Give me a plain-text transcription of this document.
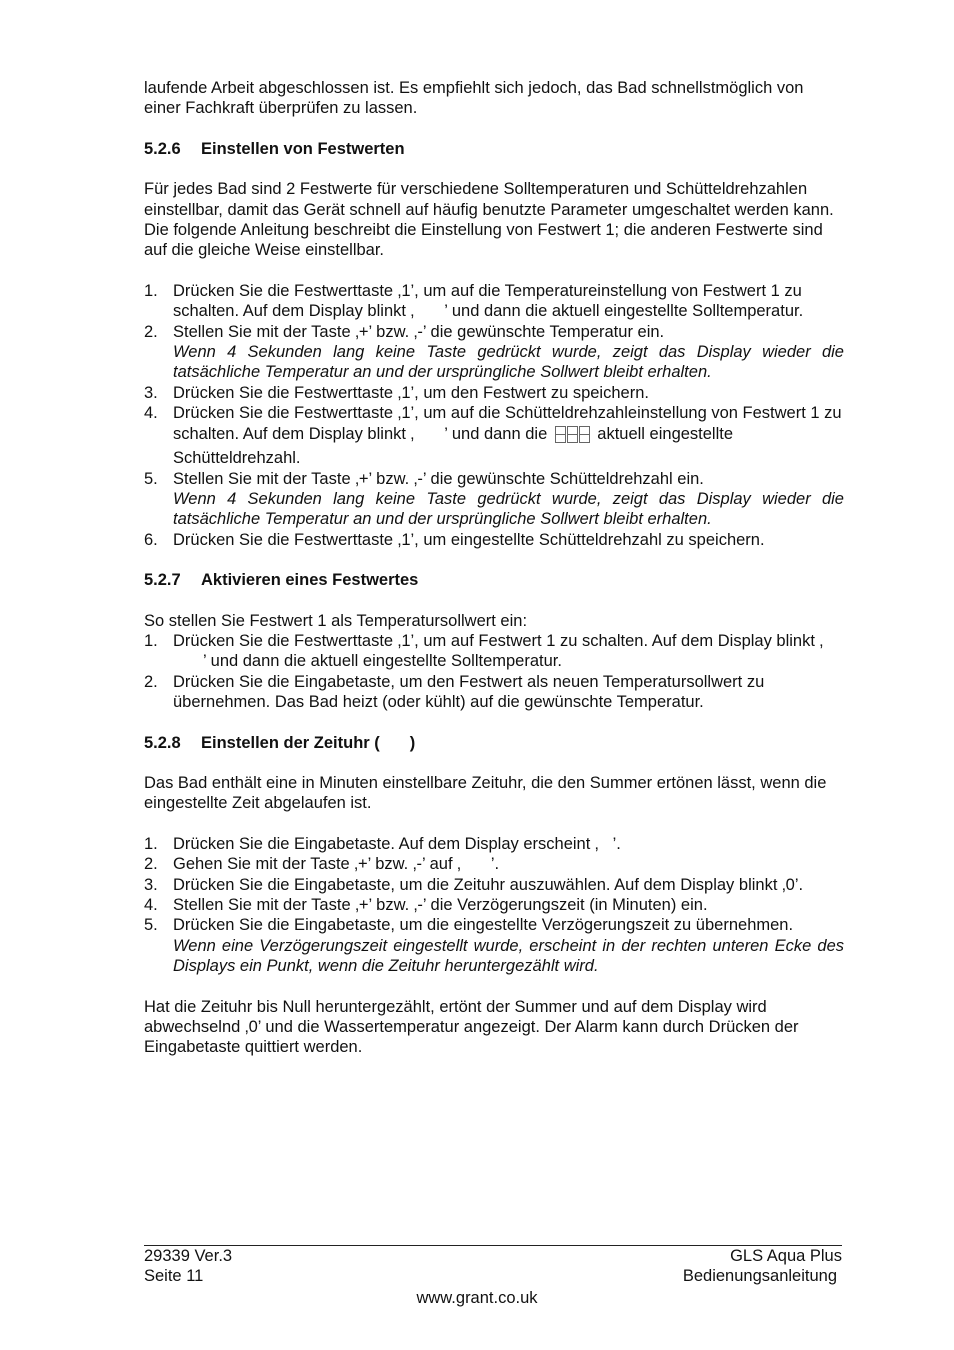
laufende Arbeit abgeschlossen ist. Es empfiehlt sich jedoch, das Bad schnellstmöglich von einer Fachkraft überprüfen zu lassen.

5.2.6 Einstellen von Festwerten

Für jedes Bad sind 2 Festwerte für verschiedene Solltemperaturen und Schütteldrehzahlen einstellbar, damit das Gerät schnell auf häufig benutzte Parameter umgeschaltet werden kann. Die folgende Anleitung beschreibt die Einstellung von Festwert 1; die anderen Festwerte sind auf die gleiche Weise einstellbar.

1. Drücken Sie die Festwerttaste ‚1’, um auf die Temperatureinstellung von Festwert 1 zu schalten. Auf dem Display blinkt ‚ ’ und dann die aktuell eingestellte Solltemperatur.
2. Stellen Sie mit der Taste ‚+’ bzw. ‚-’ die gewünschte Temperatur ein.
Wenn 4 Sekunden lang keine Taste gedrückt wurde, zeigt das Display wieder die tatsächliche Temperatur an und der ursprüngliche Sollwert bleibt erhalten.
3. Drücken Sie die Festwerttaste ‚1’, um den Festwert zu speichern.
4. Drücken Sie die Festwerttaste ‚1’, um auf die Schütteldrehzahleinstellung von Festwert 1 zu schalten. Auf dem Display blinkt ‚ ’ und dann die	aktuell eingestellte Schütteldrehzahl.
5. Stellen Sie mit der Taste ‚+’ bzw. ‚-’ die gewünschte Schütteldrehzahl ein.
Wenn 4 Sekunden lang keine Taste gedrückt wurde, zeigt das Display wieder die tatsächliche Temperatur an und der ursprüngliche Sollwert bleibt erhalten.
6. Drücken Sie die Festwerttaste ‚1’, um eingestellte Schütteldrehzahl zu speichern.

5.2.7 Aktivieren eines Festwertes

So stellen Sie Festwert 1 als Temperatursollwert ein:

1. Drücken Sie die Festwerttaste ‚1’, um auf Festwert 1 zu schalten. Auf dem Display blinkt ‚’ und dann die aktuell eingestellte Solltemperatur.
2. Drücken Sie die Eingabetaste, um den Festwert als neuen Temperatursollwert zu übernehmen. Das Bad heizt (oder kühlt) auf die gewünschte Temperatur.

5.2.8 Einstellen der Zeituhr ( )

Das Bad enthält eine in Minuten einstellbare Zeituhr, die den Summer ertönen lässt, wenn die eingestellte Zeit abgelaufen ist.

1. Drücken Sie die Eingabetaste. Auf dem Display erscheint ‚ ’.
2. Gehen Sie mit der Taste ‚+’ bzw. ‚-’ auf ‚ ’.
3. Drücken Sie die Eingabetaste, um die Zeituhr auszuwählen. Auf dem Display blinkt ‚0’.
4. Stellen Sie mit der Taste ‚+’ bzw. ‚-’ die Verzögerungszeit (in Minuten) ein.
5. Drücken Sie die Eingabetaste, um die eingestellte Verzögerungszeit zu übernehmen.
Wenn eine Verzögerungszeit eingestellt wurde, erscheint in der rechten unteren Ecke des Displays ein Punkt, wenn die Zeituhr heruntergezählt wird.

Hat die Zeituhr bis Null heruntergezählt, ertönt der Summer und auf dem Display wird abwechselnd ‚0’ und die Wassertemperatur angezeigt. Der Alarm kann durch Drücken der Eingabetaste quittiert werden.

29339 Ver.3	GLS Aqua Plus
Seite 11	Bedienungsanleitung
www.grant.co.uk
